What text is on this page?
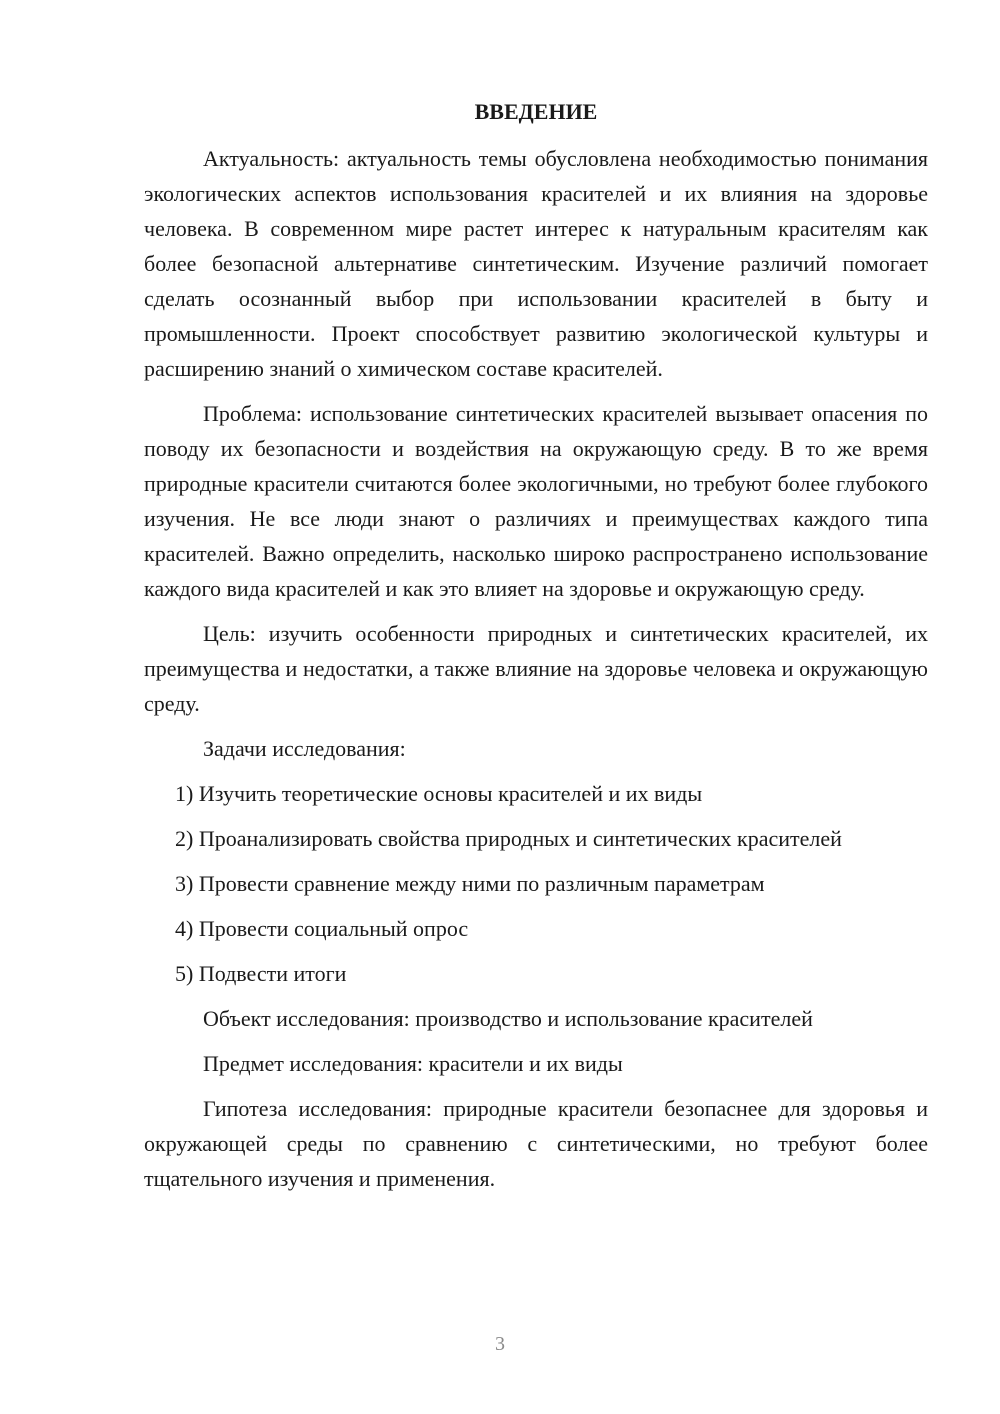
ВВЕДЕНИЕ

Актуальность: актуальность темы обусловлена необходимостью понимания экологических аспектов использования красителей и их влияния на здоровье человека. В современном мире растет интерес к натуральным красителям как более безопасной альтернативе синтетическим. Изучение различий помогает сделать осознанный выбор при использовании красителей в быту и промышленности. Проект способствует развитию экологической культуры и расширению знаний о химическом составе красителей.

Проблема: использование синтетических красителей вызывает опасения по поводу их безопасности и воздействия на окружающую среду. В то же время природные красители считаются более экологичными, но требуют более глубокого изучения. Не все люди знают о различиях и преимуществах каждого типа красителей. Важно определить, насколько широко распространено использование каждого вида красителей и как это влияет на здоровье и окружающую среду.

Цель: изучить особенности природных и синтетических красителей, их преимущества и недостатки, а также влияние на здоровье человека и окружающую среду.

Задачи исследования:

1) Изучить теоретические основы красителей и их виды

2) Проанализировать свойства природных и синтетических красителей

3) Провести сравнение между ними по различным параметрам

4) Провести социальный опрос

5) Подвести итоги

Объект исследования: производство и использование красителей

Предмет исследования: красители и их виды

Гипотеза исследования: природные красители безопаснее для здоровья и окружающей среды по сравнению с синтетическими, но требуют более тщательного изучения и применения.

3
